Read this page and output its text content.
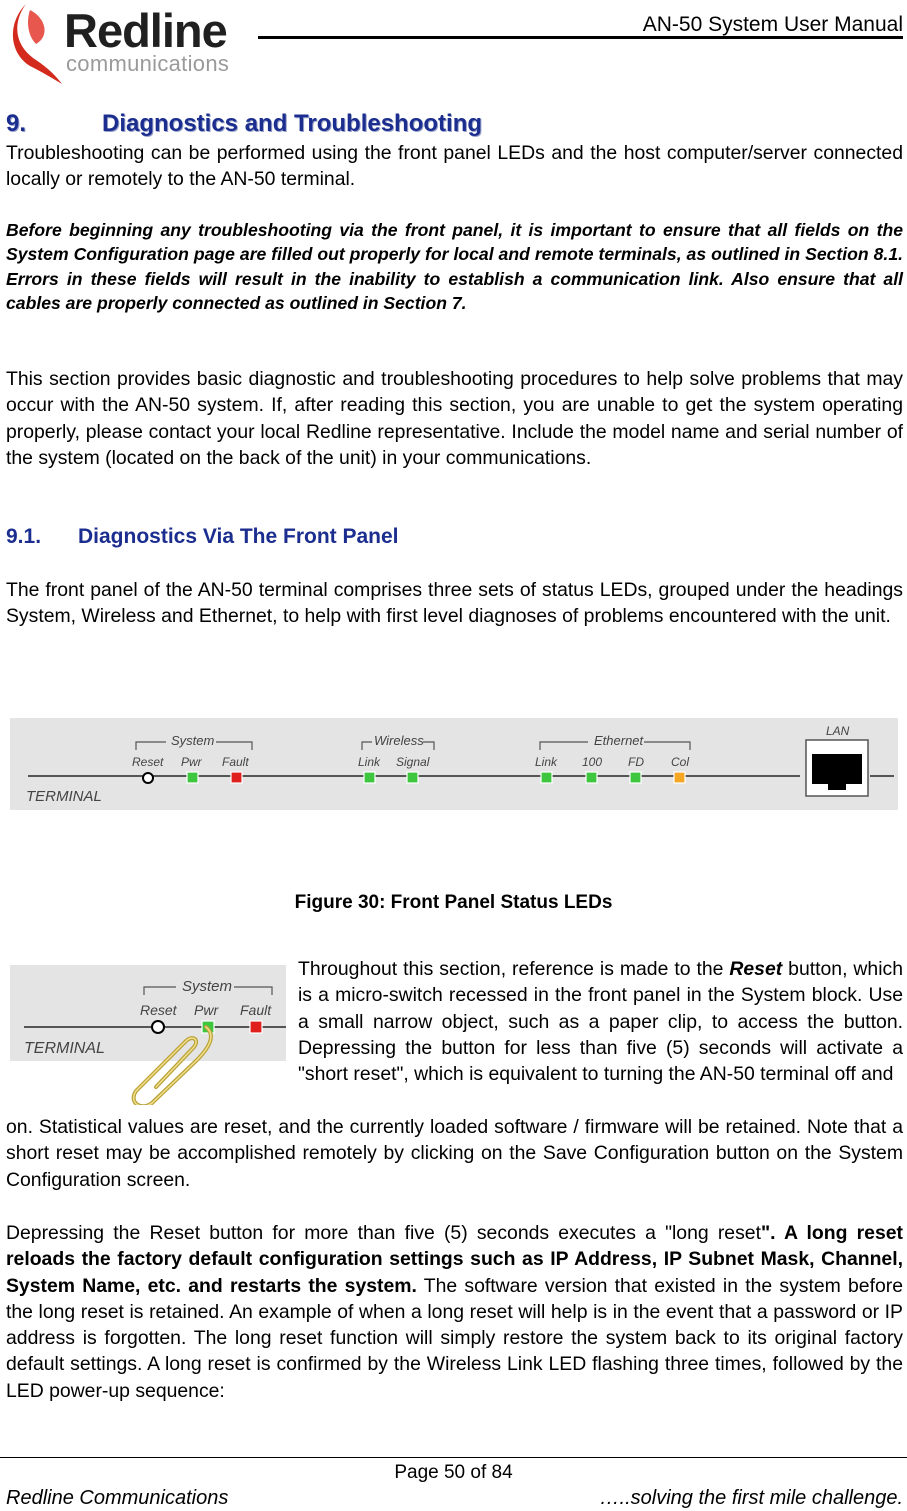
Redline
communications
AN-50 System User Manual
9.	Diagnostics and Troubleshooting

Troubleshooting can be performed using the front panel LEDs and the host computer/server connected locally or remotely to the AN-50 terminal.

Before beginning any troubleshooting via the front panel, it is important to ensure that all fields on the System Configuration page are filled out properly for local and remote terminals, as outlined in Section 8.1. Errors in these fields will result in the inability to establish a communication link. Also ensure that all cables are properly connected as outlined in Section 7.

This section provides basic diagnostic and troubleshooting procedures to help solve problems that may occur with the AN-50 system. If, after reading this section, you are unable to get the system operating properly, please contact your local Redline representative. Include the model name and serial number of the system (located on the back of the unit) in your communications.

9.1. Diagnostics Via The Front Panel

The front panel of the AN-50 terminal comprises three sets of status LEDs, grouped under the headings System, Wireless and Ethernet, to help with first level diagnoses of problems encountered with the unit.

TERMINAL
System
Reset Pwr Fault
Wireless
Link Signal
Ethernet
Link 100 FD Col
LAN
Figure 30: Front Panel Status LEDs
TERMINAL
System
Reset Pwr Fault

Throughout this section, reference is made to the Reset button, which is a micro-switch recessed in the front panel in the System block. Use a small narrow object, such as a paper clip, to access the button. Depressing the button for less than five (5) seconds will activate a "short reset", which is equivalent to turning the AN-50 terminal off and

on. Statistical values are reset, and the currently loaded software / firmware will be retained. Note that a short reset may be accomplished remotely by clicking on the Save Configuration button on the System Configuration screen.

Depressing the Reset button for more than five (5) seconds executes a "long reset". A long reset reloads the factory default configuration settings such as IP Address, IP Subnet Mask, Channel, System Name, etc. and restarts the system. The software version that existed in the system before the long reset is retained. An example of when a long reset will help is in the event that a password or IP address is forgotten. The long reset function will simply restore the system back to its original factory default settings. A long reset is confirmed by the Wireless Link LED flashing three times, followed by the LED power-up sequence:

Page 50 of 84
Redline Communications	…..solving the first mile challenge.
